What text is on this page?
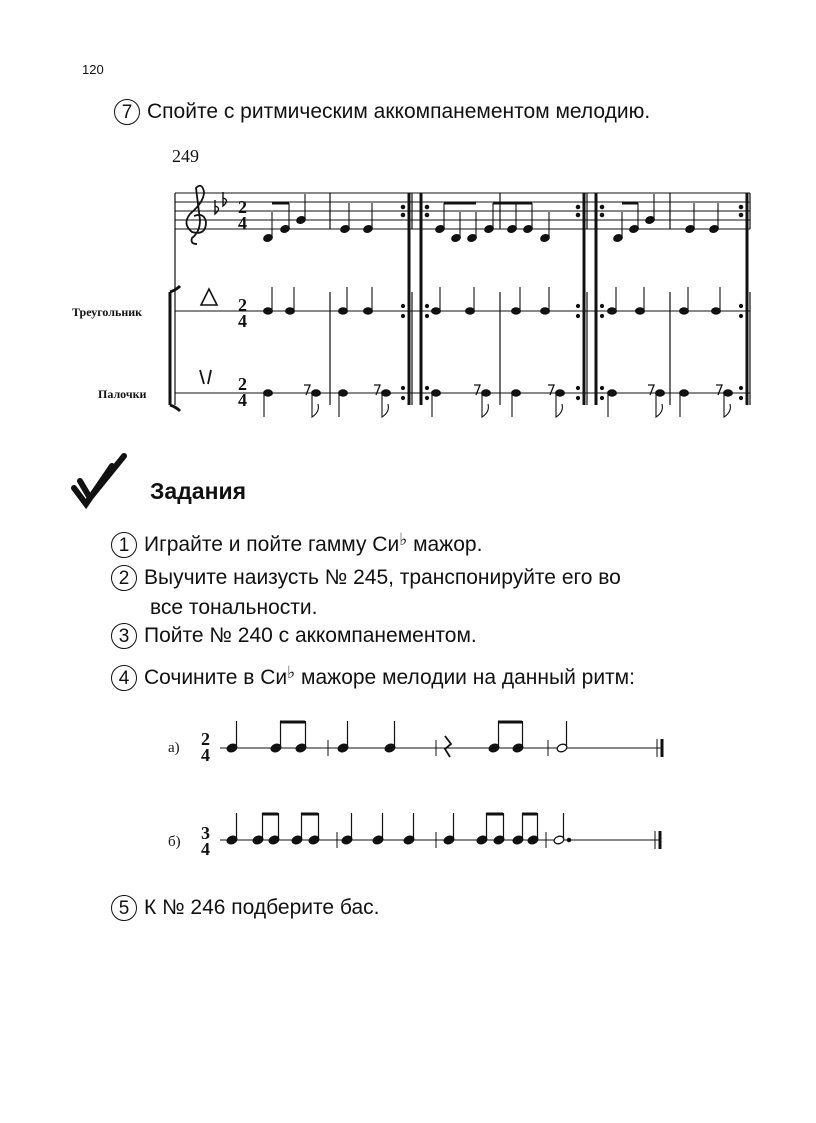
120
7 Спойте с ритмическим аккомпанементом мелодию.
249
Треугольник
Палочки
2
4
2
4
2
4
а) 2
4
б) 3
4
Задания
1 Играйте и пойте гамму Си♭ мажор.
2 Выучите наизусть № 245, транспонируйте его во
все тональности.
3 Пойте № 240 с аккомпанементом.
4 Сочините в Си♭ мажоре мелодии на данный ритм:
5 К № 246 подберите бас.
